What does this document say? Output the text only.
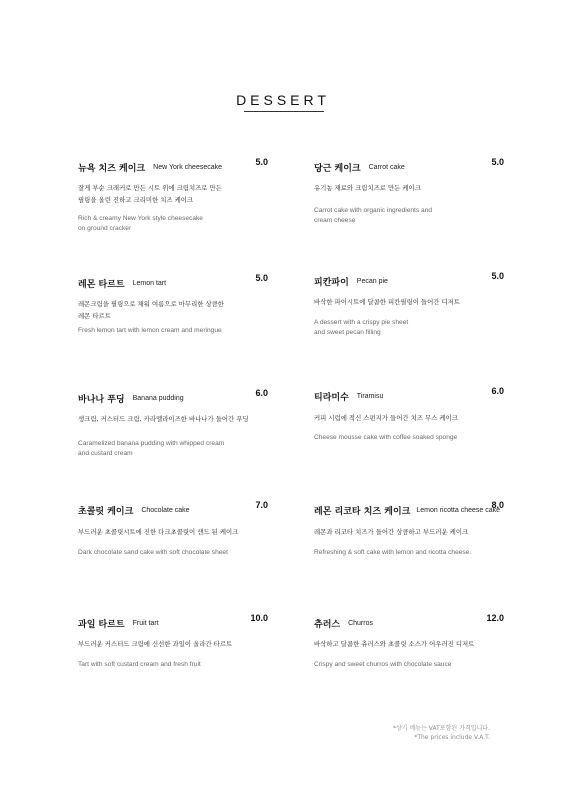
DESSERT
뉴욕 치즈 케이크 New York cheesecake
5.0
잘게 부순 크래커로 만든 시트 위에 크림치즈로 만든
필링을 올린 진하고 크리미한 치즈 케이크
Rich & creamy New York style cheesecake
on ground cracker
당근 케이크 Carrot cake
5.0
유기농 재료와 크림치즈로 만든 케이크
Carrot cake with organic ingredients and
cream cheese
레몬 타르트 Lemon tart
5.0
레몬크림을 필링으로 채워 여름으로 마무리한 상큼한
레몬 타르트
Fresh lemon tart with lemon cream and meringue
피칸파이 Pecan pie
5.0
바삭한 파이시트에 달콤한 피칸필링이 들어간 디저트
A dessert with a crispy pie sheet
and sweet pecan filling
바나나 푸딩 Banana pudding
6.0
생크림, 커스터드 크림, 카라멜라이즈한 바나나가 들어간 푸딩
Caramelized banana pudding with whipped cream
and custard cream
티라미수 Tiramisu
6.0
커피 시럽에 적신 스펀지가 들어간 치즈 무스 케이크
Cheese mousse cake with coffee soaked sponge
초콜릿 케이크 Chocolate cake
7.0
부드러운 초콜릿시트에 진한 다크초콜릿이 샌드 된 케이크
Dark chocolate sand cake with soft chocolate sheet
레몬 리코타 치즈 케이크 Lemon ricotta cheese cake
8.0
레몬과 리코타 치즈가 들어간 상큼하고 부드러운 케이크
Refreshing & soft cake with lemon and ricotta cheese.
과일 타르트 Fruit tart
10.0
부드러운 커스터드 크림에 신선한 과일이 올라간 타르트
Tart with soft custard cream and fresh fruit
츄러스 Churros
12.0
바삭하고 달콤한 츄러스와 초콜릿 소스가 어우러진 디저트
Crispy and sweet churros with chocolate sauce
*상기 메뉴는 VAT포함된 가격입니다.
*The prices include V.A.T.
